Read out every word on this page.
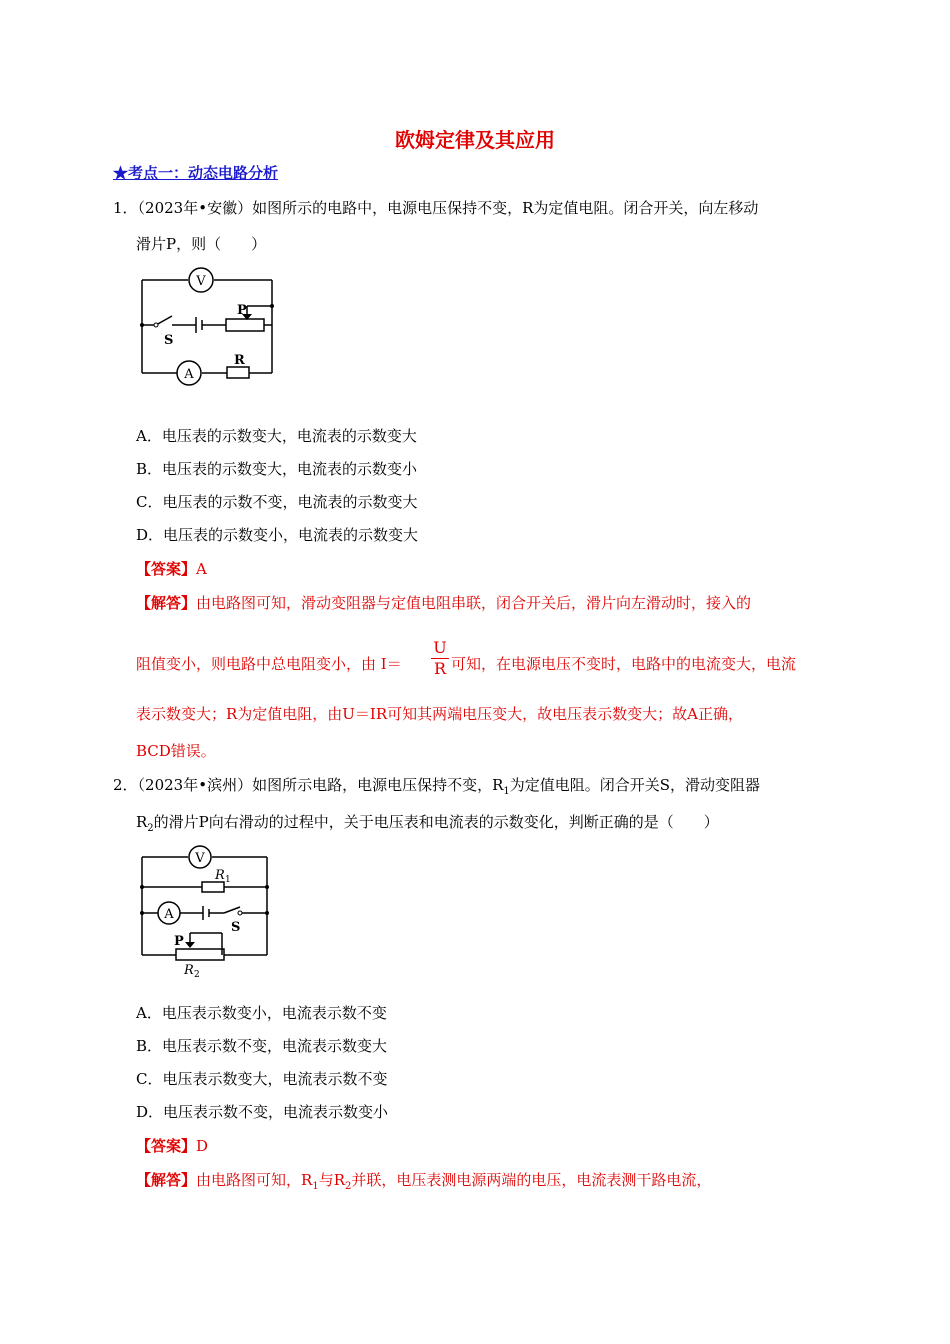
欧姆定律及其应用
★考点一：动态电路分析
1．（2023年•安徽）如图所示的电路中，电源电压保持不变，R为定值电阻。闭合开关，向左移动
滑片P，则（　　）
V
P
S
A
R
A．电压表的示数变大，电流表的示数变大
B．电压表的示数变大，电流表的示数变小
C．电压表的示数不变，电流表的示数变大
D．电压表的示数变小，电流表的示数变大
【答案】A
【解答】由电路图可知，滑动变阻器与定值电阻串联，闭合开关后，滑片向左滑动时，接入的
阻值变小，则电路中总电阻变小，由 $I= \frac{U}{R}$ 可知，在电源电压不变时，电路中的电流变大，电流
表示数变大；R为定值电阻，由U＝IR可知其两端电压变大，故电压表示数变大；故A正确，
BCD错误。
2．（2023年•滨州）如图所示电路，电源电压保持不变，$R_1$为定值电阻。闭合开关S，滑动变阻器
$R_2$的滑片P向右滑动的过程中，关于电压表和电流表的示数变化，判断正确的是（　　）
V
R 1
A
S
P
R 2
A．电压表示数变小，电流表示数不变
B．电压表示数不变，电流表示数变大
C．电压表示数变大，电流表示数不变
D．电压表示数不变，电流表示数变小
【答案】D
【解答】由电路图可知，$R_1$与$R_2$并联，电压表测电源两端的电压，电流表测干路电流，
